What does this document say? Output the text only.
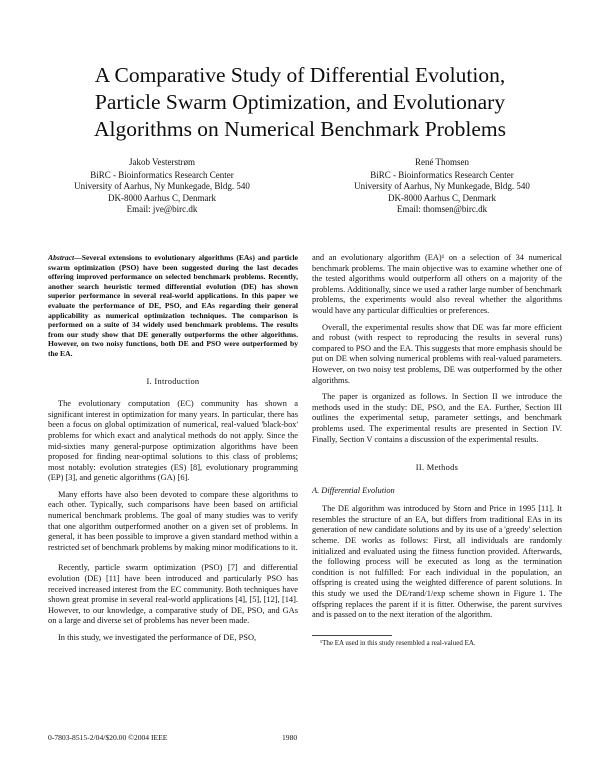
A Comparative Study of Differential Evolution,
Particle Swarm Optimization, and Evolutionary
Algorithms on Numerical Benchmark Problems
Jakob Vesterstrøm
BiRC - Bioinformatics Research Center
University of Aarhus, Ny Munkegade, Bldg. 540
DK-8000 Aarhus C, Denmark
Email: jve@birc.dk
René Thomsen
BiRC - Bioinformatics Research Center
University of Aarhus, Ny Munkegade, Bldg. 540
DK-8000 Aarhus C, Denmark
Email: thomsen@birc.dk

Abstract—Several extensions to evolutionary algorithms (EAs) and particle swarm optimization (PSO) have been suggested during the last decades offering improved performance on selected benchmark problems. Recently, another search heuristic termed differential evolution (DE) has shown superior performance in several real-world applications. In this paper we evaluate the performance of DE, PSO, and EAs regarding their general applicability as numerical optimization techniques. The comparison is performed on a suite of 34 widely used benchmark problems. The results from our study show that DE generally outperforms the other algorithms. However, on two noisy functions, both DE and PSO were outperformed by the EA.

I. Introduction

The evolutionary computation (EC) community has shown a significant interest in optimization for many years. In particular, there has been a focus on global optimization of numerical, real-valued 'black-box' problems for which exact and analytical methods do not apply. Since the mid-sixties many general-purpose optimization algorithms have been proposed for finding near-optimal solutions to this class of problems; most notably: evolution strategies (ES) [8], evolutionary programming (EP) [3], and genetic algorithms (GA) [6].

Many efforts have also been devoted to compare these algorithms to each other. Typically, such comparisons have been based on artificial numerical benchmark problems. The goal of many studies was to verify that one algorithm outperformed another on a given set of problems. In general, it has been possible to improve a given standard method within a restricted set of benchmark problems by making minor modifications to it.

Recently, particle swarm optimization (PSO) [7] and differential evolution (DE) [11] have been introduced and particularly PSO has received increased interest from the EC community. Both techniques have shown great promise in several real-world applications [4], [5], [12], [14]. However, to our knowledge, a comparative study of DE, PSO, and GAs on a large and diverse set of problems has never been made.

In this study, we investigated the performance of DE, PSO,

and an evolutionary algorithm (EA)¹ on a selection of 34 numerical benchmark problems. The main objective was to examine whether one of the tested algorithms would outperform all others on a majority of the problems. Additionally, since we used a rather large number of benchmark problems, the experiments would also reveal whether the algorithms would have any particular difficulties or preferences.

Overall, the experimental results show that DE was far more efficient and robust (with respect to reproducing the results in several runs) compared to PSO and the EA. This suggests that more emphasis should be put on DE when solving numerical problems with real-valued parameters. However, on two noisy test problems, DE was outperformed by the other algorithms.

The paper is organized as follows. In Section II we introduce the methods used in the study: DE, PSO, and the EA. Further, Section III outlines the experimental setup, parameter settings, and benchmark problems used. The experimental results are presented in Section IV. Finally, Section V contains a discussion of the experimental results.

II. Methods
A. Differential Evolution

The DE algorithm was introduced by Storn and Price in 1995 [11]. It resembles the structure of an EA, but differs from traditional EAs in its generation of new candidate solutions and by its use of a 'greedy' selection scheme. DE works as follows: First, all individuals are randomly initialized and evaluated using the fitness function provided. Afterwards, the following process will be executed as long as the termination condition is not fulfilled: For each individual in the population, an offspring is created using the weighted difference of parent solutions. In this study we used the DE/rand/1/exp scheme shown in Figure 1. The offspring replaces the parent if it is fitter. Otherwise, the parent survives and is passed on to the next iteration of the algorithm.

¹The EA used in this study resembled a real-valued EA.
0-7803-8515-2/04/$20.00 ©2004 IEEE	1980
